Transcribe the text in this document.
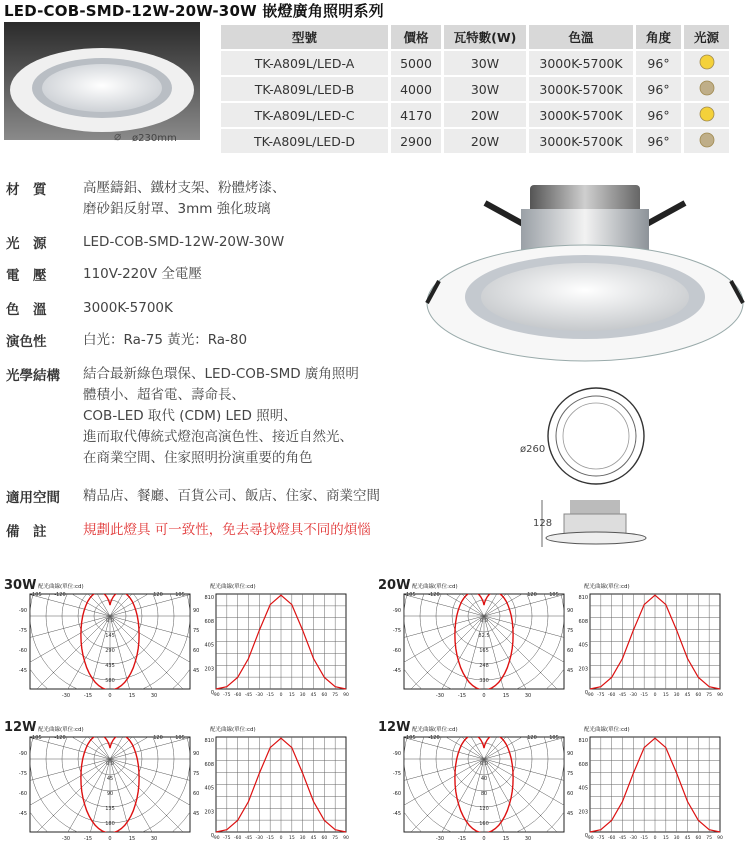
LED-COB-SMD-12W-20W-30W 嵌燈廣角照明系列
⌀ ø230mm
型號	價格	瓦特數(W)	色溫	角度	光源
TK-A809L/LED-A	5000	30W	3000K-5700K	96°	
TK-A809L/LED-B	4000	30W	3000K-5700K	96°	
TK-A809L/LED-C	4170	20W	3000K-5700K	96°	
TK-A809L/LED-D	2900	20W	3000K-5700K	96°	
ø260
128
材　質	高壓鑄鋁、鐵材支架、粉體烤漆、
磨砂鋁反射罩、3mm 強化玻璃
光　源	LED-COB-SMD-12W-20W-30W
電　壓	110V-220V 全電壓
色　溫	3000K-5700K
演色性	白光：Ra-75 黃光：Ra-80
光學結構	結合最新綠色環保、LED-COB-SMD 廣角照明
體積小、超省電、壽命長、
COB-LED 取代 (CDM) LED 照明、
進而取代傳統式燈泡高演色性、接近自然光、
在商業空間、住家照明扮演重要的角色
適用空間	精品店、餐廳、百貨公司、飯店、住家、商業空間
備　註	規劃此燈具 可一致性，免去尋找燈具不同的煩惱
30W	20W
12W	12W
配光曲線(單位:cd)
0.0
145
290
435
580
-105	-120	120 105
-90
-75
-60
-45
90
75
60
45
-30	-15	0	15	30
配光曲線(單位:cd)
810
608
405
203
0
-90 -75 -60 -45 -30 -15 0 15 30 45 60 75 90
配光曲線(單位:cd)
0.0
82.5
165
248
330
-105	-120	120 105
-90
-75
-60
-45
90
75
60
45
-30	-15	0	15	30
配光曲線(單位:cd)
810
608
405
203
0
-90 -75 -60 -45 -30 -15 0 15 30 45 60 75 90
配光曲線(單位:cd)
0.0
45
90
135
180
-105	-120	120 105
-90
-75
-60
-45
90
75
60
45
-30	-15	0	15	30
配光曲線(單位:cd)
810
608
405
203
0
-90 -75 -60 -45 -30 -15 0 15 30 45 60 75 90
配光曲線(單位:cd)
0.0
40
80
120
160
-105	-120	120 105
-90
-75
-60
-45
90
75
60
45
-30	-15	0	15	30
配光曲線(單位:cd)
810
608
405
203
0
-90 -75 -60 -45 -30 -15 0 15 30 45 60 75 90
